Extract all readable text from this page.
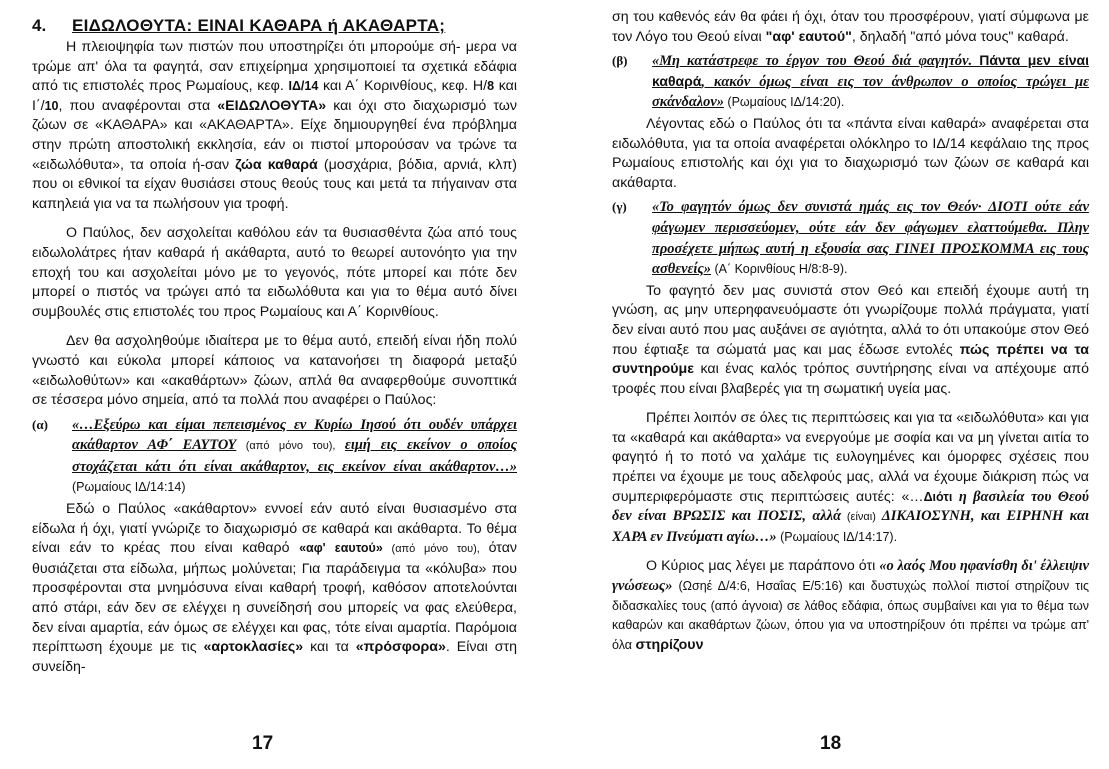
4.	ΕΙΔΩΛΟΘΥΤΑ: ΕΙΝΑΙ ΚΑΘΑΡΑ ή ΑΚΑΘΑΡΤΑ;

Η πλειοψηφία των πιστών που υποστηρίζει ότι μπορούμε σή- μερα να τρώμε απ' όλα τα φαγητά, σαν επιχείρημα χρησιμοποιεί τα σχετικά εδάφια από τις επιστολές προς Ρωμαίους, κεφ. ΙΔ/14 και Α΄ Κορινθίους, κεφ. Η/8 και Ι΄/10, που αναφέρονται στα «ΕΙΔΩΛΟΘΥΤΑ» και όχι στο διαχωρισμό των ζώων σε «ΚΑΘΑΡΑ» και «ΑΚΑΘΑΡΤΑ». Είχε δημιουργηθεί ένα πρόβλημα στην πρώτη αποστολική εκκλησία, εάν οι πιστοί μπορούσαν να τρώνε τα «ειδωλόθυτα», τα οποία ή-σαν ζώα καθαρά (μοσχάρια, βόδια, αρνιά, κλπ) που οι εθνικοί τα είχαν θυσιάσει στους θεούς τους και μετά τα πήγαιναν στα καπηλειά για να τα πωλήσουν για τροφή.

Ο Παύλος, δεν ασχολείται καθόλου εάν τα θυσιασθέντα ζώα από τους ειδωλολάτρες ήταν καθαρά ή ακάθαρτα, αυτό το θεωρεί αυτονόητο για την εποχή του και ασχολείται μόνο με το γεγονός, πότε μπορεί και πότε δεν μπορεί ο πιστός να τρώγει από τα ειδωλόθυτα και για το θέμα αυτό δίνει συμβουλές στις επιστολές του προς Ρωμαίους και Α΄ Κορινθίους.

Δεν θα ασχοληθούμε ιδιαίτερα με το θέμα αυτό, επειδή είναι ήδη πολύ γνωστό και εύκολα μπορεί κάποιος να κατανοήσει τη διαφορά μεταξύ «ειδωλοθύτων» και «ακαθάρτων» ζώων, απλά θα αναφερθούμε συνοπτικά σε τέσσερα μόνο σημεία, από τα πολλά που αναφέρει ο Παύλος:

(α)	«…Εξεύρω και είμαι πεπεισμένος εν Κυρίω Ιησού ότι ουδέν υπάρχει ακάθαρτον ΑΦ΄ ΕΑΥΤΟΥ (από μόνο του), ειμή εις εκείνον ο οποίος στοχάζεται κάτι ότι είναι ακάθαρτον, εις εκείνον είναι ακάθαρτον…» (Ρωμαίους ΙΔ/14:14)

Εδώ ο Παύλος «ακάθαρτον» εννοεί εάν αυτό είναι θυσιασμένο στα είδωλα ή όχι, γιατί γνώριζε το διαχωρισμό σε καθαρά και ακάθαρτα. Το θέμα είναι εάν το κρέας που είναι καθαρό «αφ' εαυτού» (από μόνο του), όταν θυσιάζεται στα είδωλα, μήπως μολύνεται; Για παράδειγμα τα «κόλυβα» που προσφέρονται στα μνημόσυνα είναι καθαρή τροφή, καθόσον αποτελούνται από στάρι, εάν δεν σε ελέγχει η συνείδησή σου μπορείς να φας ελεύθερα, δεν είναι αμαρτία, εάν όμως σε ελέγχει και φας, τότε είναι αμαρτία. Παρόμοια περίπτωση έχουμε με τις «αρτοκλασίες» και τα «πρόσφορα». Είναι στη συνείδη-

17

ση του καθενός εάν θα φάει ή όχι, όταν του προσφέρουν, γιατί σύμφωνα με τον Λόγο του Θεού είναι "αφ' εαυτού", δηλαδή "από μόνα τους" καθαρά.

(β)	«Μη κατάστρεφε το έργον του Θεού διά φαγητόν. Πάντα μεν είναι καθαρά, κακόν όμως είναι εις τον άνθρωπον ο οποίος τρώγει με σκάνδαλον» (Ρωμαίους ΙΔ/14:20).

Λέγοντας εδώ ο Παύλος ότι τα «πάντα είναι καθαρά» αναφέρεται στα ειδωλόθυτα, για τα οποία αναφέρεται ολόκληρο το ΙΔ/14 κεφάλαιο της προς Ρωμαίους επιστολής και όχι για το διαχωρισμό των ζώων σε καθαρά και ακάθαρτα.

(γ)	«Το φαγητόν όμως δεν συνιστά ημάς εις τον Θεόν· ΔΙΟΤΙ ούτε εάν φάγωμεν περισσεύομεν, ούτε εάν δεν φάγωμεν ελαττούμεθα. Πλην προσέχετε μήπως αυτή η εξουσία σας ΓΙΝΕΙ ΠΡΟΣΚΟΜΜΑ εις τους ασθενείς» (Α΄ Κορινθίους Η/8:8-9).

Το φαγητό δεν μας συνιστά στον Θεό και επειδή έχουμε αυτή τη γνώση, ας μην υπερηφανευόμαστε ότι γνωρίζουμε πολλά πράγματα, γιατί δεν είναι αυτό που μας αυξάνει σε αγιότητα, αλλά το ότι υπακούμε στον Θεό που έφτιαξε τα σώματά μας και μας έδωσε εντολές πώς πρέπει να τα συντηρούμε και ένας καλός τρόπος συντήρησης είναι να απέχουμε από τροφές που είναι βλαβερές για τη σωματική υγεία μας.

Πρέπει λοιπόν σε όλες τις περιπτώσεις και για τα «ειδωλόθυτα» και για τα «καθαρά και ακάθαρτα» να ενεργούμε με σοφία και να μη γίνεται αιτία το φαγητό ή το ποτό να χαλάμε τις ευλογημένες και όμορφες σχέσεις που πρέπει να έχουμε με τους αδελφούς μας, αλλά να έχουμε διάκριση πώς να συμπεριφερόμαστε στις περιπτώσεις αυτές: «…Διότι η βασιλεία του Θεού δεν είναι ΒΡΩΣΙΣ και ΠΟΣΙΣ, αλλά (είναι) ΔΙΚΑΙΟΣΥΝΗ, και ΕΙΡΗΝΗ και ΧΑΡΑ εν Πνεύματι αγίω…» (Ρωμαίους ΙΔ/14:17).

Ο Κύριος μας λέγει με παράπονο ότι «ο λαός Μου ηφανίσθη δι' έλλειψιν γνώσεως» (Ωσηέ Δ/4:6, Ησαΐας Ε/5:16) και δυστυχώς πολλοί πιστοί στηρίζουν τις διδασκαλίες τους (από άγνοια) σε λάθος εδάφια, όπως συμβαίνει και για το θέμα των καθαρών και ακαθάρτων ζώων, όπου για να υποστηρίξουν ότι πρέπει να τρώμε απ' όλα στηρίζουν

18
